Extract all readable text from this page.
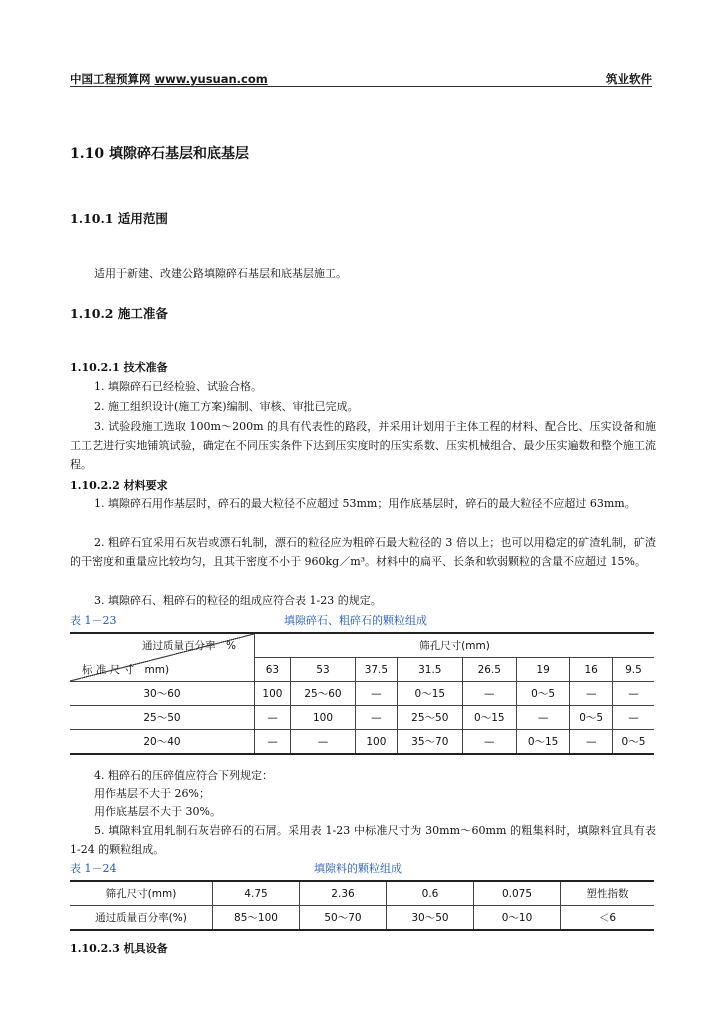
中国工程预算网 www.yusuan.com	筑业软件
1.10 填隙碎石基层和底基层
1.10.1 适用范围
适用于新建、改建公路填隙碎石基层和底基层施工。
1.10.2 施工准备
1.10.2.1 技术准备
1. 填隙碎石已经检验、试验合格。
2. 施工组织设计(施工方案)编制、审核、审批已完成。
3. 试验段施工选取 100m～200m 的具有代表性的路段，并采用计划用于主体工程的材料、配合比、压实设备和施工工艺进行实地铺筑试验，确定在不同压实条件下达到压实度时的压实系数、压实机械组合、最少压实遍数和整个施工流程。
1.10.2.2 材料要求
1. 填隙碎石用作基层时，碎石的最大粒径不应超过 53mm；用作底基层时，碎石的最大粒径不应超过 63mm。
2. 粗碎石宜采用石灰岩或漂石轧制，漂石的粒径应为粗碎石最大粒径的 3 倍以上；也可以用稳定的矿渣轧制，矿渣的干密度和重量应比较均匀，且其干密度不小于 960kg／m³。材料中的扁平、长条和软弱颗粒的含量不应超过 15%。
3. 填隙碎石、粗碎石的粒径的组成应符合表 1-23 的规定。
表 1－23	填隙碎石、粗碎石的颗粒组成
通过质量百分率　%
标 准 尺 寸　mm)	筛孔尺寸(mm)							
	63	53	37.5	31.5	26.5	19	16	9.5
30～60	100	25～60	—	0～15	—	0～5	—	—
25～50	—	100	—	25～50	0～15	—	0～5	—
20～40	—	—	100	35～70	—	0～15	—	0～5
4. 粗碎石的压碎值应符合下列规定：
用作基层不大于 26%；
用作底基层不大于 30%。
5. 填隙料宜用轧制石灰岩碎石的石屑。采用表 1-23 中标准尺寸为 30mm～60mm 的粗集料时，填隙料宜具有表 1-24 的颗粒组成。
表 1－24	填隙料的颗粒组成
筛孔尺寸(mm)	4.75	2.36	0.6	0.075	塑性指数
通过质量百分率(%)	85～100	50～70	30～50	0～10	＜6
1.10.2.3 机具设备
